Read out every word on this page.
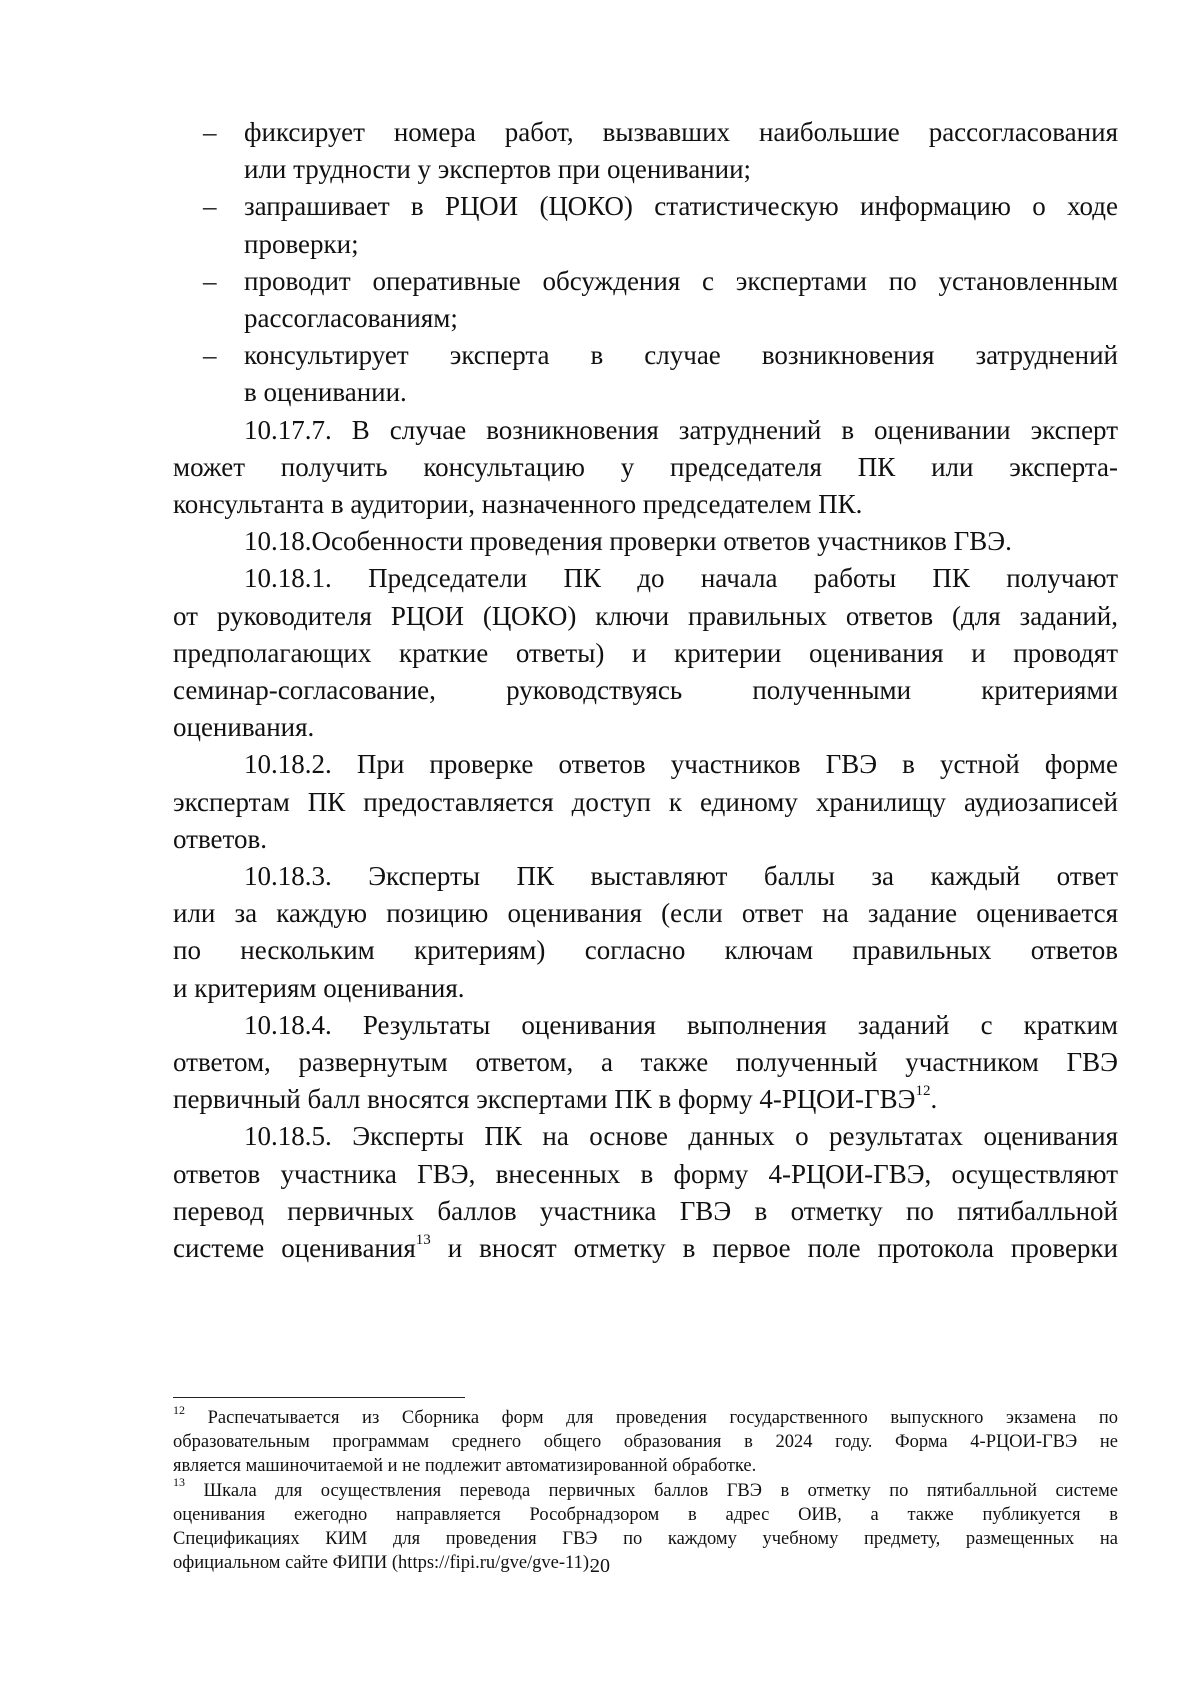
– фиксирует номера работ, вызвавших наибольшие рассогласования
или трудности у экспертов при оценивании;
– запрашивает в РЦОИ (ЦОКО) статистическую информацию о ходе
проверки;
– проводит оперативные обсуждения с экспертами по установленным
рассогласованиям;
– консультирует эксперта в случае возникновения затруднений
в оценивании.
10.17.7. В случае возникновения затруднений в оценивании эксперт
может получить консультацию у председателя ПК или эксперта-
консультанта в аудитории, назначенного председателем ПК.
10.18.Особенности проведения проверки ответов участников ГВЭ.
10.18.1. Председатели ПК до начала работы ПК получают
от руководителя РЦОИ (ЦОКО) ключи правильных ответов (для заданий,
предполагающих краткие ответы) и критерии оценивания и проводят
семинар-согласование, руководствуясь полученными критериями
оценивания.
10.18.2. При проверке ответов участников ГВЭ в устной форме
экспертам ПК предоставляется доступ к единому хранилищу аудиозаписей
ответов.
10.18.3. Эксперты ПК выставляют баллы за каждый ответ
или за каждую позицию оценивания (если ответ на задание оценивается
по нескольким критериям) согласно ключам правильных ответов
и критериям оценивания.
10.18.4. Результаты оценивания выполнения заданий с кратким
ответом, развернутым ответом, а также полученный участником ГВЭ
первичный балл вносятся экспертами ПК в форму 4-РЦОИ-ГВЭ$^{12}$.
10.18.5. Эксперты ПК на основе данных о результатах оценивания
ответов участника ГВЭ, внесенных в форму 4-РЦОИ-ГВЭ, осуществляют
перевод первичных баллов участника ГВЭ в отметку по пятибалльной
системе оценивания$^{13}$ и вносят отметку в первое поле протокола проверки
$^{12}$ Распечатывается из Сборника форм для проведения государственного выпускного экзамена по
образовательным программам среднего общего образования в 2024 году. Форма 4-РЦОИ-ГВЭ не
является машиночитаемой и не подлежит автоматизированной обработке.
$^{13}$ Шкала для осуществления перевода первичных баллов ГВЭ в отметку по пятибалльной системе
оценивания ежегодно направляется Рособрнадзором в адрес ОИВ, а также публикуется в
Спецификациях КИМ для проведения ГВЭ по каждому учебному предмету, размещенных на
официальном сайте ФИПИ (https://fipi.ru/gve/gve-11).
20
